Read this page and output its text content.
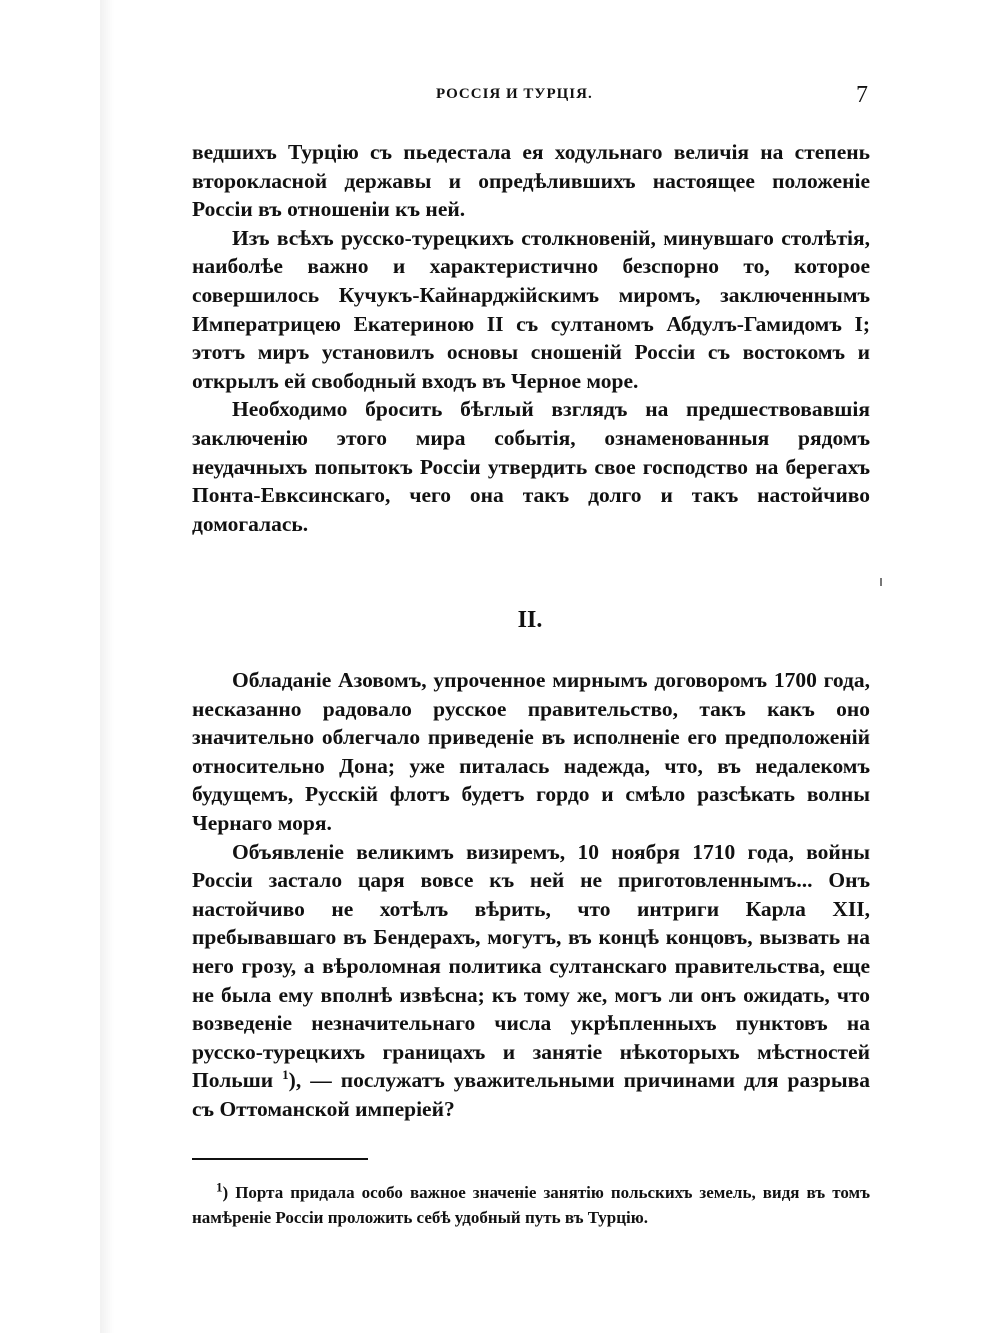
РОССІЯ И ТУРЦІЯ.	7

ведшихъ Турцію съ пьедестала ея ходульнаго величія на степень второкласной державы и опредѣлившихъ настоящее положеніе Россіи въ отношеніи къ ней.

Изъ всѣхъ русско-турецкихъ столкновеній, минувшаго столѣтія, наиболѣе важно и характеристично безспорно то, которое совершилось Кучукъ-Кайнарджійскимъ миромъ, заключеннымъ Императрицею Екатериною II съ султаномъ Абдулъ-Гамидомъ I; этотъ миръ установилъ основы сношеній Россіи съ востокомъ и открылъ ей свободный входъ въ Черное море.

Необходимо бросить бѣглый взглядъ на предшествовавшія заключенію этого мира событія, ознаменованныя рядомъ неудачныхъ попытокъ Россіи утвердить свое господство на берегахъ Понта-Евксинскаго, чего она такъ долго и такъ настойчиво домогалась.

II.

Обладаніе Азовомъ, упроченное мирнымъ договоромъ 1700 года, несказанно радовало русское правительство, такъ какъ оно значительно облегчало приведеніе въ исполненіе его предположеній относительно Дона; уже питалась надежда, что, въ недалекомъ будущемъ, Русскій флотъ будетъ гордо и смѣло разсѣкать волны Чернаго моря.

Объявленіе великимъ визиремъ, 10 ноября 1710 года, войны Россіи застало царя вовсе къ ней не приготовленнымъ... Онъ настойчиво не хотѣлъ вѣрить, что интриги Карла XII, пребывавшаго въ Бендерахъ, могутъ, въ концѣ концовъ, вызвать на него грозу, а вѣроломная политика султанскаго правительства, еще не была ему вполнѣ извѣсна; къ тому же, могъ ли онъ ожидать, что возведеніе незначительнаго числа укрѣпленныхъ пунктовъ на русско-турецкихъ границахъ и занятіе нѣкоторыхъ мѣстностей Польши $^1$), — послужатъ уважительными причинами для разрыва съ Оттоманской имперіей?

$^1$) Порта придала особо важное значеніе занятію польскихъ земель, видя въ томъ намѣреніе Россіи проложить себѣ удобный путь въ Турцію.
